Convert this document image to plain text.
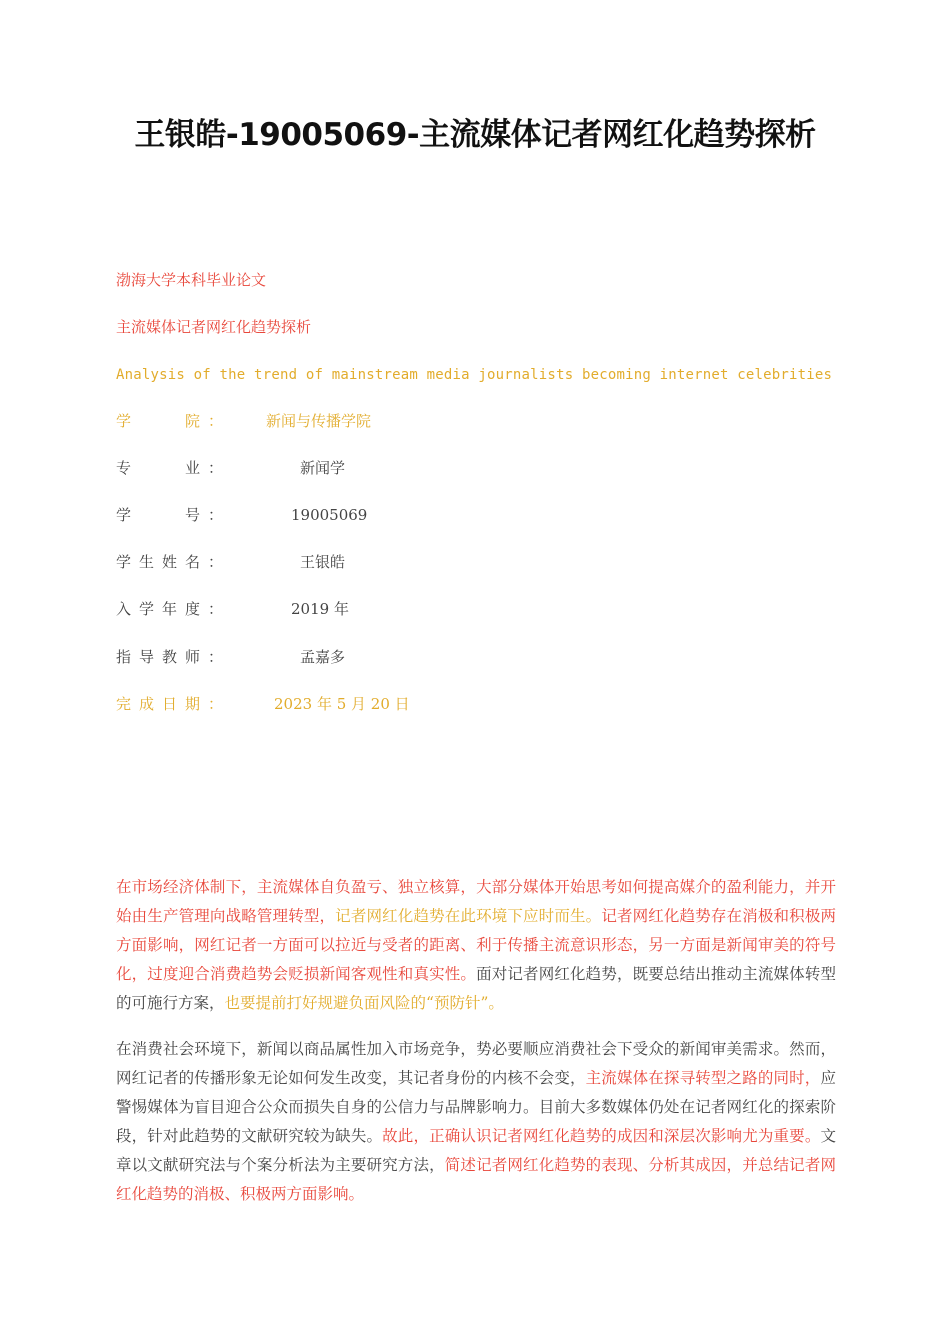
王银皓-19005069-主流媒体记者网红化趋势探析
渤海大学本科毕业论文
主流媒体记者网红化趋势探析
Analysis of the trend of mainstream media journalists becoming internet celebrities
学　　院： 新闻与传播学院
专　　业：	新闻学
学　　号：	19005069
学生姓名：	王银皓
入学年度：	2019 年
指导教师：	孟嘉多
完成日期：	2023 年 5 月 20 日
在市场经济体制下，主流媒体自负盈亏、独立核算，大部分媒体开始思考如何提高媒介的盈利能力，并开始由生产管理向战略管理转型，记者网红化趋势在此环境下应时而生。记者网红化趋势存在消极和积极两方面影响，网红记者一方面可以拉近与受者的距离、利于传播主流意识形态，另一方面是新闻审美的符号化，过度迎合消费趋势会贬损新闻客观性和真实性。面对记者网红化趋势，既要总结出推动主流媒体转型的可施行方案，也要提前打好规避负面风险的“预防针”。
在消费社会环境下，新闻以商品属性加入市场竞争，势必要顺应消费社会下受众的新闻审美需求。然而，网红记者的传播形象无论如何发生改变，其记者身份的内核不会变，主流媒体在探寻转型之路的同时，应警惕媒体为盲目迎合公众而损失自身的公信力与品牌影响力。目前大多数媒体仍处在记者网红化的探索阶段，针对此趋势的文献研究较为缺失。故此，正确认识记者网红化趋势的成因和深层次影响尤为重要。文章以文献研究法与个案分析法为主要研究方法，简述记者网红化趋势的表现、分析其成因，并总结记者网红化趋势的消极、积极两方面影响。
